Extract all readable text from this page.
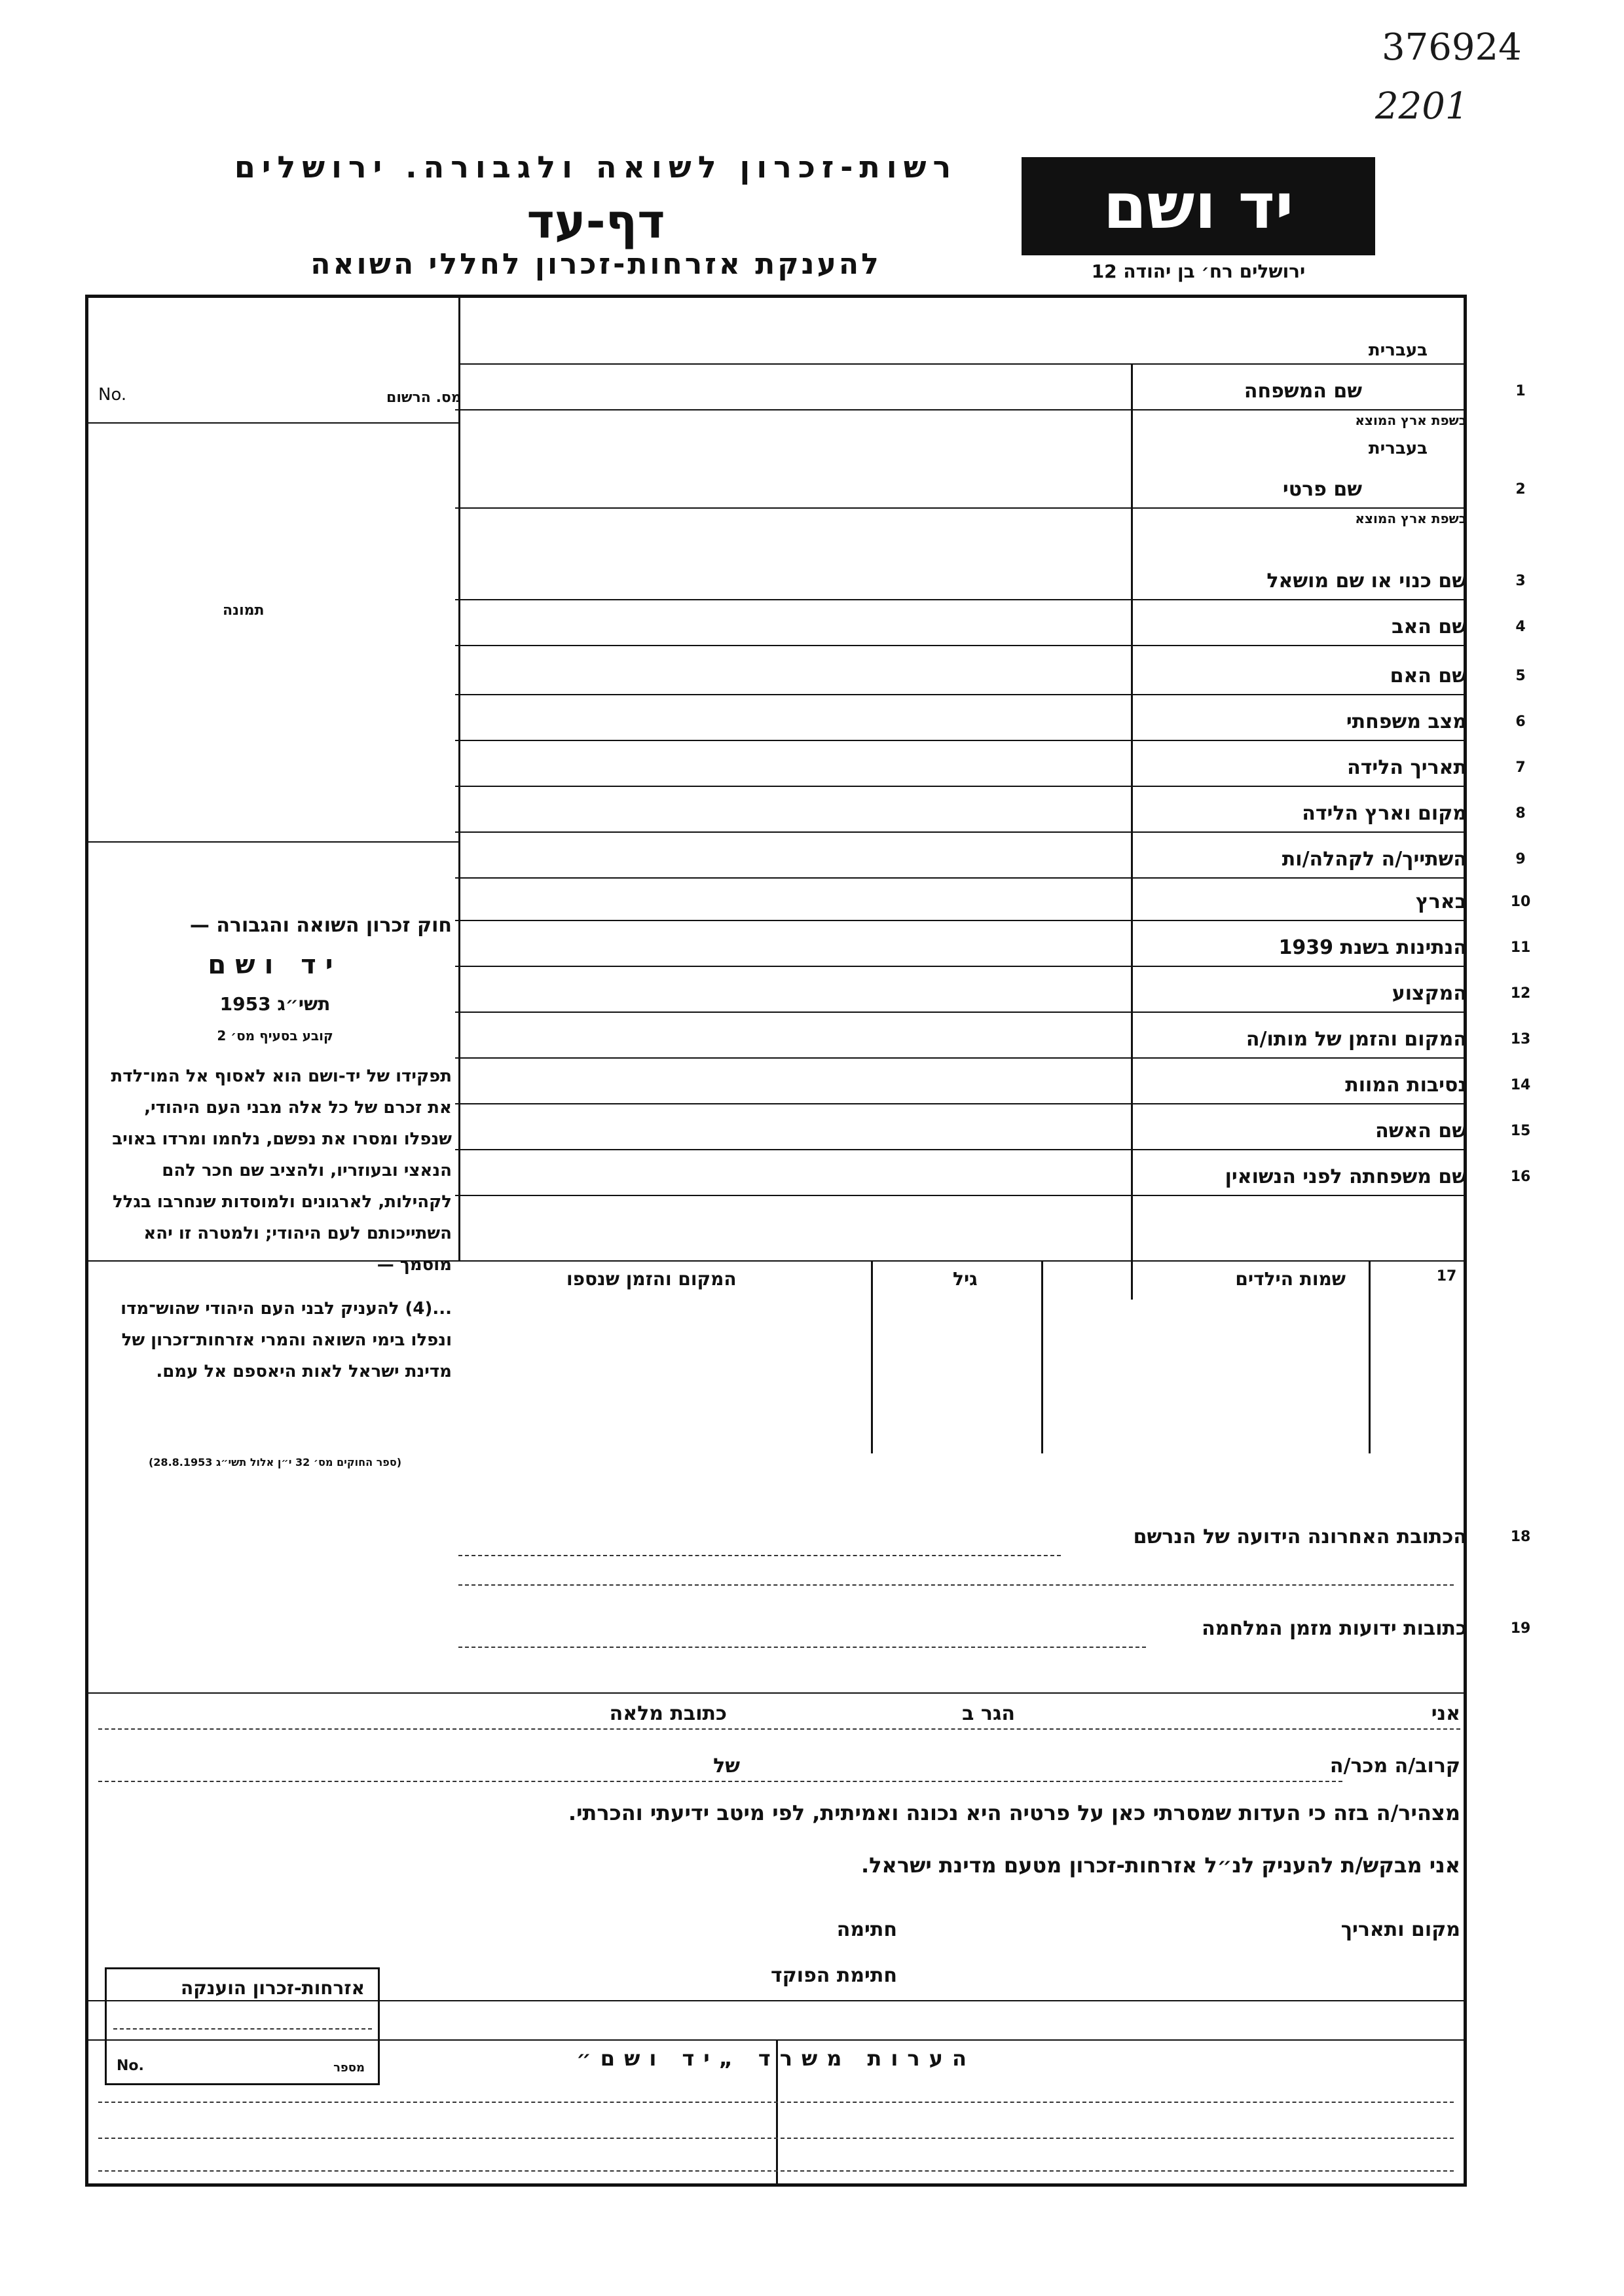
376924
2201
רשות-זכרון לשואה ולגבורה. ירושלים
דף-עד
להענקת אזרחות-זכרון לחללי השואה
יד ושם
ירושלים רח׳ בן יהודה 12
No.	מס. הרשום
תמונה
1
שם המשפחה
בעברית
בשפת ארץ המוצא
2
שם פרטי
בעברית
בשפת ארץ המוצא
3
שם כנוי או שם מושאל
4
שם האב
5
שם האם
6
מצב משפחתי
7
תאריך הלידה
8
מקום וארץ הלידה
9
השתייך/ה לקהלה/ות
10
בארץ
11
הנתינות בשנת 1939
12
המקצוע
13
המקום והזמן של מותו/ה
14
נסיבות המוות
15
שם האשה
16
שם משפחתה לפני הנשואין
17
שמות הילדים
גיל
המקום והזמן שנספו
הכתובת האחרונה הידועה של הנרשם	18
כתובות ידועות מזמן המלחמה	19
חוק זכרון השואה והגבורה —
יד ושם
תשי״ג 1953
קובע בסעיף מס׳ 2
תפקידו של יד-ושם הוא לאסוף אל המו־לדת את זכרם של כל אלה מבני העם היהודי, שנפלו ומסרו את נפשם, נלחמו ומרדו באויב הנאצי ובעוזריו, ולהציב שם חכר להם לקהילות, לארגונים ולמוסדות שנחרבו בגלל השתייכותם לעם היהודי; ולמטרה זו יהא מוסמך —
...(4) להעניק לבני העם היהודי שהוש־מדו ונפלו בימי השואה והמרי אזרחות־זכרון של מדינת ישראל לאות היאספם אל עמם.
(ספר החוקים מס׳ 32 י״ן אלול תשי״ג 28.8.1953)
אני
הגר ב
כתובת מלאה
קרוב/ה מכר/ה
של
מצהיר/ה בזה כי העדות שמסרתי כאן על פרטיה היא נכונה ואמיתית, לפי מיטב ידיעתי והכרתי.
אני מבקש/ת להעניק לנ״ל אזרחות-זכרון מטעם מדינת ישראל.
מקום ותאריך
חתימה
חתימת הפוקד
אזרחות-זכרון הוענקה
No.	מספר	הערות משרד „יד ושם״
